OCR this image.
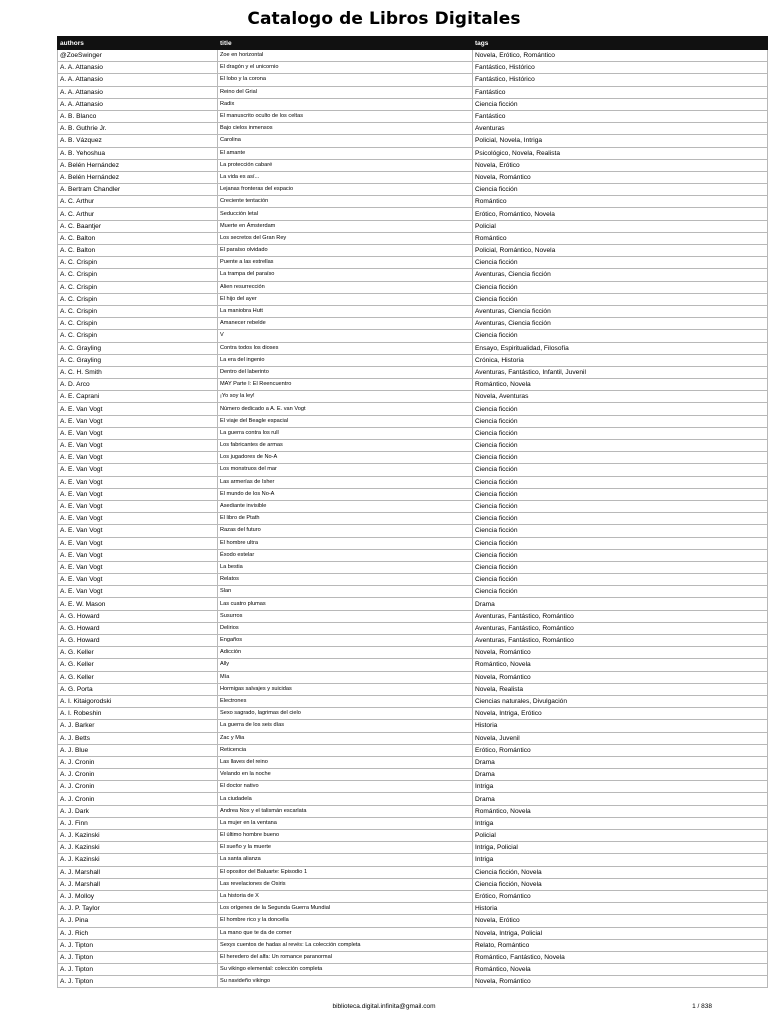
Catalogo de Libros Digitales
authors	title	tags
@ZoeSwinger	Zoe en horizontal	Novela, Erótico, Romántico
A. A. Attanasio	El dragón y el unicornio	Fantástico, Histórico
A. A. Attanasio	El lobo y la corona	Fantástico, Histórico
A. A. Attanasio	Reino del Grial	Fantástico
A. A. Attanasio	Radix	Ciencia ficción
A. B. Blanco	El manuscrito oculto de los celtas	Fantástico
A. B. Guthrie Jr.	Bajo cielos inmensos	Aventuras
A. B. Vázquez	Carolina	Policial, Novela, Intriga
A. B. Yehoshua	El amante	Psicológico, Novela, Realista
A. Belén Hernández	La protección cabaré	Novela, Erótico
A. Belén Hernández	La vida es así...	Novela, Romántico
A. Bertram Chandler	Lejanas fronteras del espacio	Ciencia ficción
A. C. Arthur	Creciente tentación	Romántico
A. C. Arthur	Seducción letal	Erótico, Romántico, Novela
A. C. Baantjer	Muerte en Ámsterdam	Policial
A. C. Balton	Los secretos del Gran Rey	Romántico
A. C. Balton	El paraíso olvidado	Policial, Romántico, Novela
A. C. Crispin	Puente a las estrellas	Ciencia ficción
A. C. Crispin	La trampa del paraíso	Aventuras, Ciencia ficción
A. C. Crispin	Alien resurrección	Ciencia ficción
A. C. Crispin	El hijo del ayer	Ciencia ficción
A. C. Crispin	La maniobra Hutt	Aventuras, Ciencia ficción
A. C. Crispin	Amanecer rebelde	Aventuras, Ciencia ficción
A. C. Crispin	V	Ciencia ficción
A. C. Grayling	Contra todos los dioses	Ensayo, Espiritualidad, Filosofía
A. C. Grayling	La era del ingenio	Crónica, Historia
A. C. H. Smith	Dentro del laberinto	Aventuras, Fantástico, Infantil, Juvenil
A. D. Arco	MAY Parte I: El Reencuentro	Romántico, Novela
A. E. Caprani	¡Yo soy la ley!	Novela, Aventuras
A. E. Van Vogt	Número dedicado a A. E. van Vogt	Ciencia ficción
A. E. Van Vogt	El viaje del Beagle espacial	Ciencia ficción
A. E. Van Vogt	La guerra contra los rull	Ciencia ficción
A. E. Van Vogt	Los fabricantes de armas	Ciencia ficción
A. E. Van Vogt	Los jugadores de No-A	Ciencia ficción
A. E. Van Vogt	Los monstruos del mar	Ciencia ficción
A. E. Van Vogt	Las armerías de Isher	Ciencia ficción
A. E. Van Vogt	El mundo de los No-A	Ciencia ficción
A. E. Van Vogt	Asediante invisible	Ciencia ficción
A. E. Van Vogt	El libro de Ptath	Ciencia ficción
A. E. Van Vogt	Razas del futuro	Ciencia ficción
A. E. Van Vogt	El hombre ultra	Ciencia ficción
A. E. Van Vogt	Éxodo estelar	Ciencia ficción
A. E. Van Vogt	La bestia	Ciencia ficción
A. E. Van Vogt	Relatos	Ciencia ficción
A. E. Van Vogt	Slan	Ciencia ficción
A. E. W. Mason	Las cuatro plumas	Drama
A. G. Howard	Susurros	Aventuras, Fantástico, Romántico
A. G. Howard	Delirios	Aventuras, Fantástico, Romántico
A. G. Howard	Engaños	Aventuras, Fantástico, Romántico
A. G. Keller	Adicción	Novela, Romántico
A. G. Keller	Ally	Romántico, Novela
A. G. Keller	Mía	Novela, Romántico
A. G. Porta	Hormigas salvajes y suicidas	Novela, Realista
A. I. Kitaigorodski	Electrones	Ciencias naturales, Divulgación
A. I. Robeshin	Sexo sagrado, lagrimas del cielo	Novela, Intriga, Erótico
A. J. Barker	La guerra de los seis días	Historia
A. J. Betts	Zac y Mia	Novela, Juvenil
A. J. Blue	Reticencia	Erótico, Romántico
A. J. Cronin	Las llaves del reino	Drama
A. J. Cronin	Velando en la noche	Drama
A. J. Cronin	El doctor nativo	Intriga
A. J. Cronin	La ciudadela	Drama
A. J. Dark	Andrea Nox y el talismán escarlata	Romántico, Novela
A. J. Finn	La mujer en la ventana	Intriga
A. J. Kazinski	El último hombre bueno	Policial
A. J. Kazinski	El sueño y la muerte	Intriga, Policial
A. J. Kazinski	La santa alianza	Intriga
A. J. Marshall	El opositor del Baluarte: Episodio 1	Ciencia ficción, Novela
A. J. Marshall	Las revelaciones de Osiris	Ciencia ficción, Novela
A. J. Molloy	La historia de X	Erótico, Romántico
A. J. P. Taylor	Los orígenes de la Segunda Guerra Mundial	Historia
A. J. Pina	El hombre rico y la doncella	Novela, Erótico
A. J. Rich	La mano que te da de comer	Novela, Intriga, Policial
A. J. Tipton	Sexys cuentos de hadas al revés: La colección completa	Relato, Romántico
A. J. Tipton	El heredero del alfa: Un romance paranormal	Romántico, Fantástico, Novela
A. J. Tipton	Su vikingo elemental: colección completa	Romántico, Novela
A. J. Tipton	Su navideño vikingo	Novela, Romántico
biblioteca.digital.infinita@gmail.com	1 / 838
